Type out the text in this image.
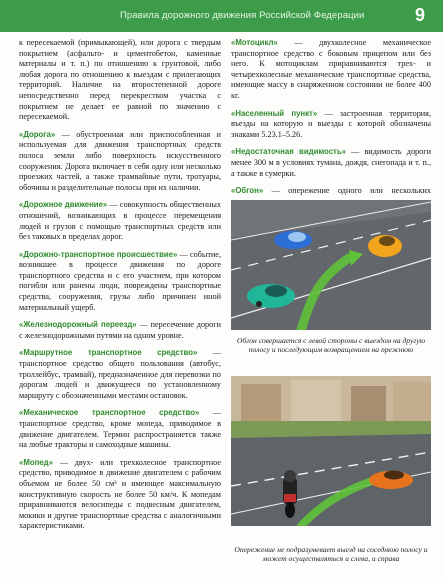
Правила дорожного движения Российской Федерации	9

к пересекаемой (примыкающей), или дорога с твердым покрытием (асфальто- и цементобетон, каменные материалы и т. п.) по отношению к грунтовой, либо любая дорога по отношению к выездам с прилегающих территорий. Наличие на второстепенной дороге непосредственно перед перекрестком участка с покрытием не делает ее равной по значению с пересекаемой.

«Дорога» — обустроенная или приспособленная и используемая для движения транспортных средств полоса земли либо поверхность искусственного сооружения. Дорога включает в себя одну или несколько проезжих частей, а также трамвайные пути, тротуары, обочины и разделительные полосы при их наличии.

«Дорожное движение» — совокупность общественных отношений, возникающих в процессе перемещения людей и грузов с помощью транспортных средств или без таковых в пределах дорог.

«Дорожно-транспортное происшествие» — событие, возникшее в процессе движения по дороге транспортного средства и с его участием, при котором погибли или ранены люди, повреждены транспортные средства, сооружения, грузы либо причинен иной материальный ущерб.

«Железнодорожный переезд» — пересечение дороги с железнодорожными путями на одном уровне.

«Маршрутное транспортное средство» — транспортное средство общего пользования (автобус, троллейбус, трамвай), предназначенное для перевозки по дорогам людей и движущееся по установленному маршруту с обозначенными местами остановок.

«Механическое транспортное средство» — транспортное средство, кроме мопеда, приводимое в движение двигателем. Термин распространяется также на любые тракторы и самоходные машины.

«Мопед» — двух- или трехколесное транспортное средство, приводимое в движение двигателем с рабочим объемом не более 50 см³ и имеющее максимальную конструктивную скорость не более 50 км/ч. К мопедам приравниваются велосипеды с подвесным двигателем, мокики и другие транспортные средства с аналогичными характеристиками.

«Мотоцикл» — двухколесное механическое транспортное средство с боковым прицепом или без него. К мотоциклам приравниваются трех- и четырехколесные механические транспортные средства, имеющие массу в снаряженном состоянии не более 400 кг.

«Населенный пункт» — застроенная территория, въезды на которую и выезды с которой обозначены знаками 5.23.1–5.26.

«Недостаточная видимость» — видимость дороги менее 300 м в условиях тумана, дождя, снегопада и т. п., а также в сумерки.

«Обгон» — опережение одного или нескольких

Обгон совершается с левой стороны с выездом на другую полосу и последующим возвращением на прежнюю
Опережение не подразумевает выезд на соседнюю полосу и может осуществляться и слева, и справа
